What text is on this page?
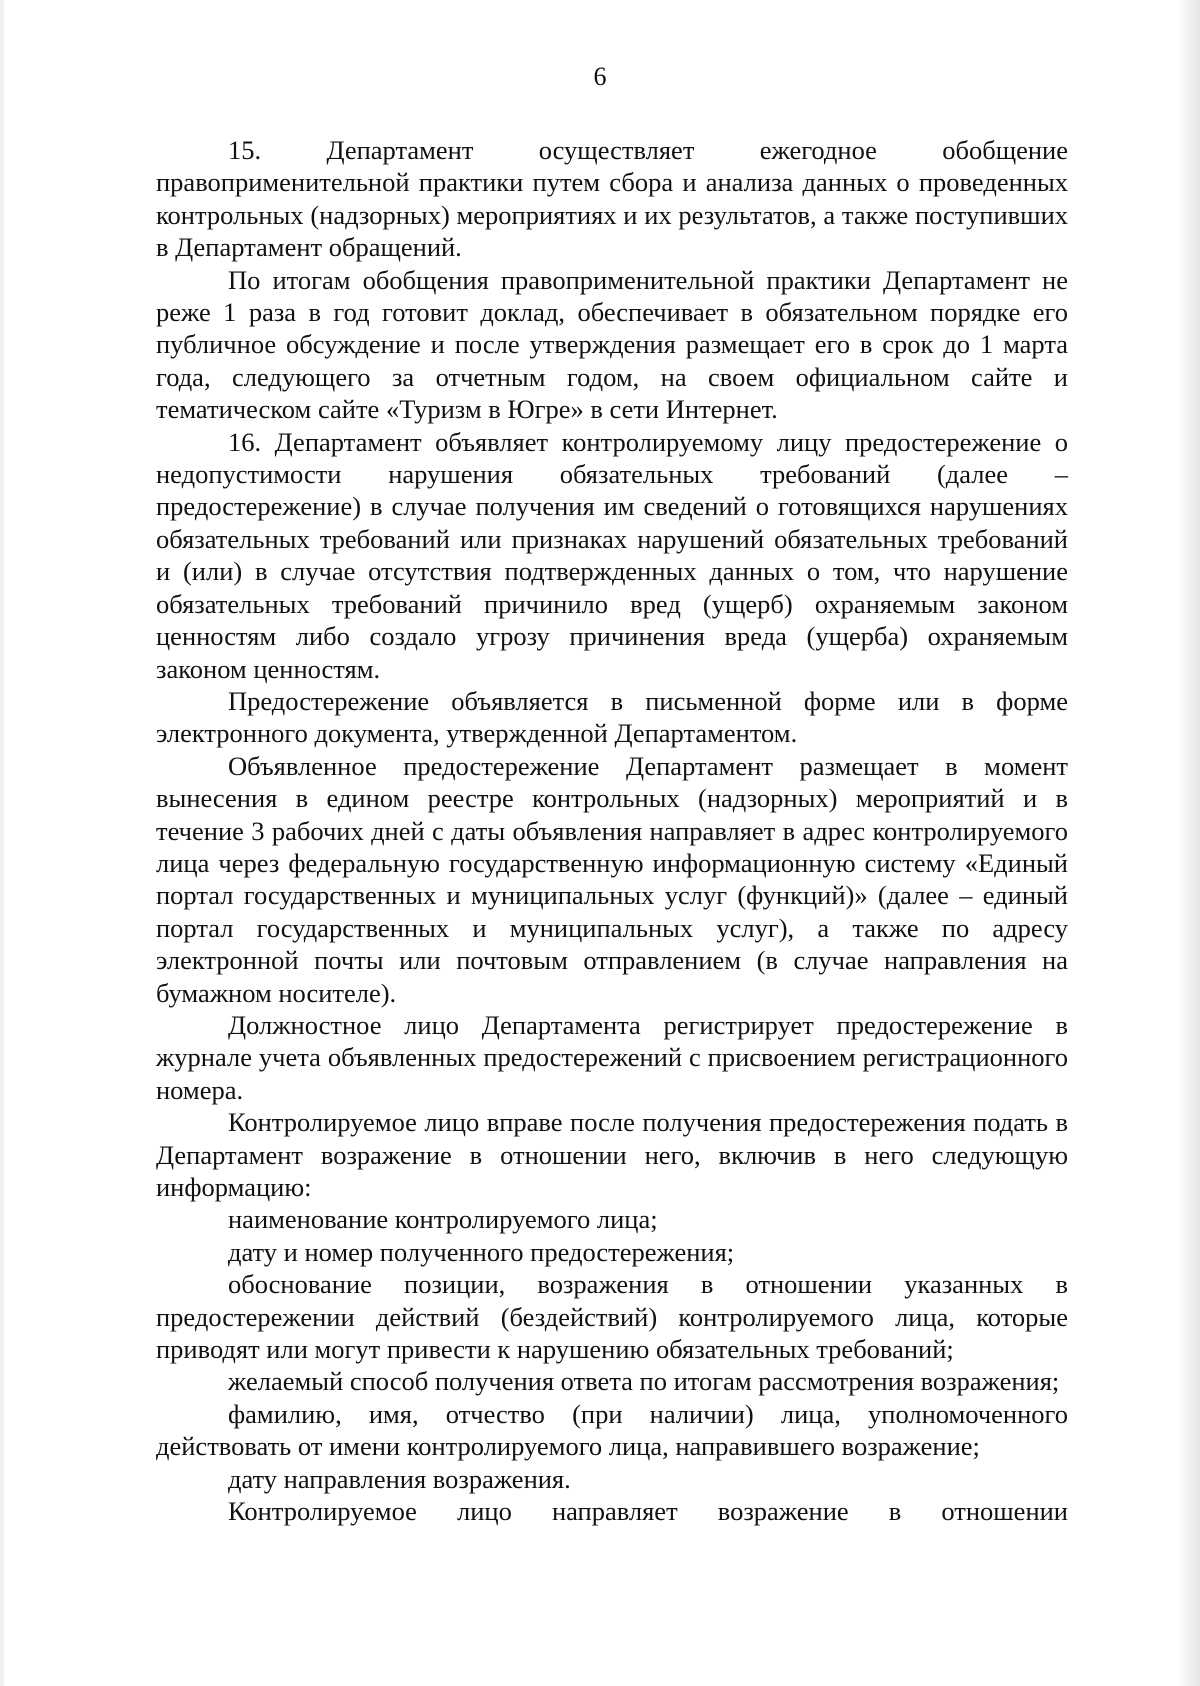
6

15. Департамент осуществляет ежегодное обобщение правоприменительной практики путем сбора и анализа данных о проведенных контрольных (надзорных) мероприятиях и их результатов, а также поступивших в Департамент обращений.

По итогам обобщения правоприменительной практики Департамент не реже 1 раза в год готовит доклад, обеспечивает в обязательном порядке его публичное обсуждение и после утверждения размещает его в срок до 1 марта года, следующего за отчетным годом, на своем официальном сайте и тематическом сайте «Туризм в Югре» в сети Интернет.

16. Департамент объявляет контролируемому лицу предостережение о недопустимости нарушения обязательных требований (далее – предостережение) в случае получения им сведений о готовящихся нарушениях обязательных требований или признаках нарушений обязательных требований и (или) в случае отсутствия подтвержденных данных о том, что нарушение обязательных требований причинило вред (ущерб) охраняемым законом ценностям либо создало угрозу причинения вреда (ущерба) охраняемым законом ценностям.

Предостережение объявляется в письменной форме или в форме электронного документа, утвержденной Департаментом.

Объявленное предостережение Департамент размещает в момент вынесения в едином реестре контрольных (надзорных) мероприятий и в течение 3 рабочих дней с даты объявления направляет в адрес контролируемого лица через федеральную государственную информационную систему «Единый портал государственных и муниципальных услуг (функций)» (далее – единый портал государственных и муниципальных услуг), а также по адресу электронной почты или почтовым отправлением (в случае направления на бумажном носителе).

Должностное лицо Департамента регистрирует предостережение в журнале учета объявленных предостережений с присвоением регистрационного номера.

Контролируемое лицо вправе после получения предостережения подать в Департамент возражение в отношении него, включив в него следующую информацию:

наименование контролируемого лица;

дату и номер полученного предостережения;

обоснование позиции, возражения в отношении указанных в предостережении действий (бездействий) контролируемого лица, которые приводят или могут привести к нарушению обязательных требований;

желаемый способ получения ответа по итогам рассмотрения возражения;

фамилию, имя, отчество (при наличии) лица, уполномоченного действовать от имени контролируемого лица, направившего возражение;

дату направления возражения.

Контролируемое лицо направляет возражение в отношении
